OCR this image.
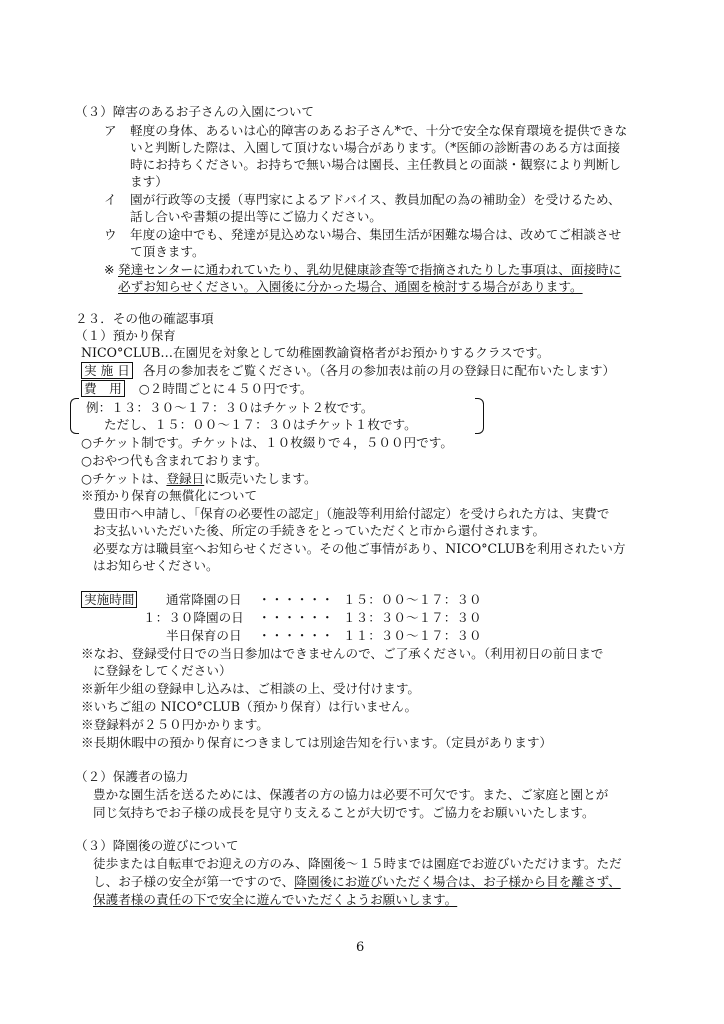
（３）障害のあるお子さんの入園について
ア 軽度の身体、あるいは心的障害のあるお子さん*で、十分で安全な保育環境を提供できな
いと判断した際は、入園して頂けない場合があります。（*医師の診断書のある方は面接
時にお持ちください。お持ちで無い場合は園長、主任教員との面談・観察により判断し
ます）
イ 園が行政等の支援（専門家によるアドバイス、教員加配の為の補助金）を受けるため、
話し合いや書類の提出等にご協力ください。
ウ 年度の途中でも、発達が見込めない場合、集団生活が困難な場合は、改めてご相談させ
て頂きます。
※ 発達センターに通われていたり、乳幼児健康診査等で指摘されたりした事項は、面接時に
必ずお知らせください。入園後に分かった場合、通園を検討する場合があります。
２３．その他の確認事項
（１）預かり保育
NICO°CLUB…在園児を対象として幼稚園教諭資格者がお預かりするクラスです。
実 施 日 各月の参加表をご覧ください。（各月の参加表は前の月の登録日に配布いたします）
費　用 ○２時間ごとに４５０円です。
例：１３：３０～１７：３０はチケット２枚です。
ただし、１５：００～１７：３０はチケット１枚です。
○チケット制です。チケットは、１０枚綴りで４，５００円です。
○おやつ代も含まれております。
○チケットは、登録日に販売いたします。
※預かり保育の無償化について
豊田市へ申請し、「保育の必要性の認定」（施設等利用給付認定）を受けられた方は、実費で
お支払いいただいた後、所定の手続きをとっていただくと市から還付されます。
必要な方は職員室へお知らせください。その他ご事情があり、NICO°CLUBを利用されたい方
はお知らせください。
実施時間	通常降園の日 ・・・・・・ １５：００～１７：３０
１：３０降園の日 ・・・・・・ １３：３０～１７：３０
半日保育の日 ・・・・・・ １１：３０～１７：３０
※なお、登録受付日での当日参加はできませんので、ご了承ください。（利用初日の前日まで
に登録をしてください）
※新年少組の登録申し込みは、ご相談の上、受け付けます。
※いちご組の NICO°CLUB（預かり保育）は行いません。
※登録料が２５０円かかります。
※長期休暇中の預かり保育につきましては別途告知を行います。（定員があります）
（２）保護者の協力
豊かな園生活を送るためには、保護者の方の協力は必要不可欠です。また、ご家庭と園とが
同じ気持ちでお子様の成長を見守り支えることが大切です。ご協力をお願いいたします。
（３）降園後の遊びについて
徒歩または自転車でお迎えの方のみ、降園後～１５時までは園庭でお遊びいただけます。ただ
し、お子様の安全が第一ですので、降園後にお遊びいただく場合は、お子様から目を離さず、
保護者様の責任の下で安全に遊んでいただくようお願いします。
6
